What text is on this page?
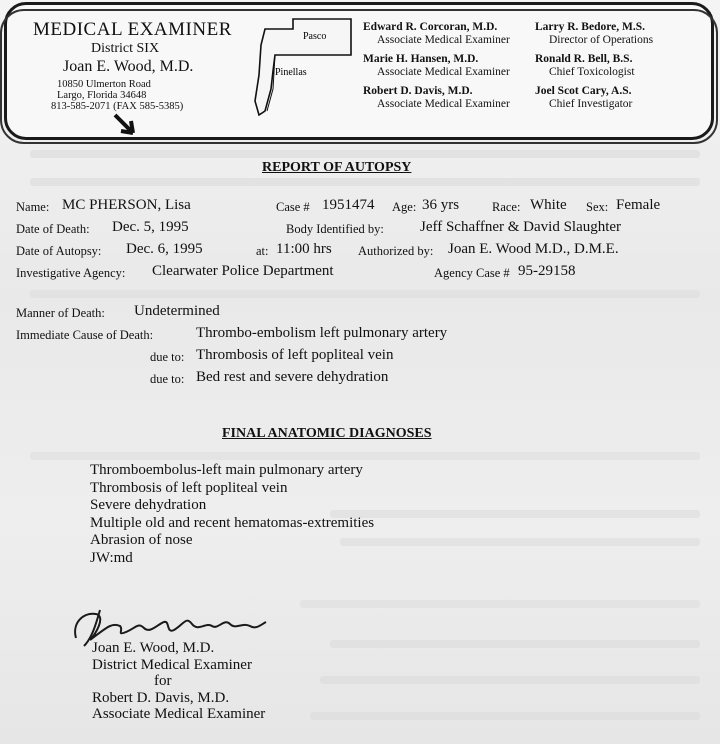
MEDICAL EXAMINER
District SIX
Joan E. Wood, M.D.
10850 Ulmerton Road
Largo, Florida 34648
813-585-2071 (FAX 585-5385)
Pasco
Pinellas
Edward R. Corcoran, M.D.
Associate Medical Examiner
Marie H. Hansen, M.D.
Associate Medical Examiner
Robert D. Davis, M.D.
Associate Medical Examiner
Larry R. Bedore, M.S.
Director of Operations
Ronald R. Bell, B.S.
Chief Toxicologist
Joel Scot Cary, A.S.
Chief Investigator
REPORT OF AUTOPSY
Name: MC PHERSON, Lisa	Case # 1951474 Age: 36 yrs	Race: White Sex: Female
Date of Death: Dec. 5, 1995	Body Identified by: Jeff Schaffner & David Slaughter
Date of Autopsy: Dec. 6, 1995	at: 11:00 hrs Authorized by: Joan E. Wood M.D., D.M.E.
Investigative Agency: Clearwater Police Department	Agency Case # 95-29158
Manner of Death: Undetermined
Immediate Cause of Death:	Thrombo-embolism left pulmonary artery
due to: Thrombosis of left popliteal vein
due to: Bed rest and severe dehydration
FINAL ANATOMIC DIAGNOSES
Thromboembolus-left main pulmonary artery
Thrombosis of left popliteal vein
Severe dehydration
Multiple old and recent hematomas-extremities
Abrasion of nose
JW:md
Joan E. Wood, M.D.
District Medical Examiner
for
Robert D. Davis, M.D.
Associate Medical Examiner
